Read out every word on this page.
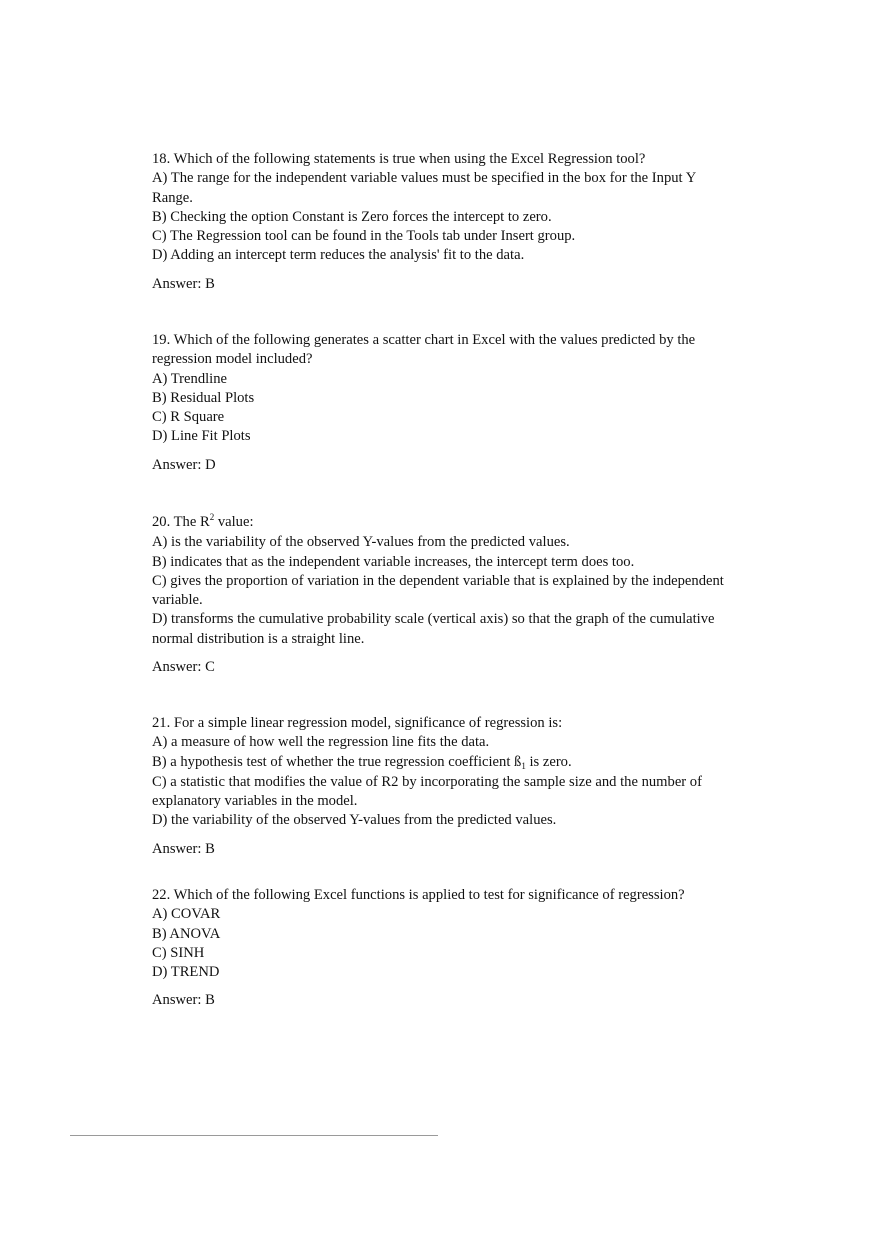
18. Which of the following statements is true when using the Excel Regression tool?
A) The range for the independent variable values must be specified in the box for the Input Y Range.
B) Checking the option Constant is Zero forces the intercept to zero.
C) The Regression tool can be found in the Tools tab under Insert group.
D) Adding an intercept term reduces the analysis' fit to the data.
Answer: B
19. Which of the following generates a scatter chart in Excel with the values predicted by the regression model included?
A) Trendline
B) Residual Plots
C) R Square
D) Line Fit Plots
Answer: D
20. The $R^2$ value:
A) is the variability of the observed Y-values from the predicted values.
B) indicates that as the independent variable increases, the intercept term does too.
C) gives the proportion of variation in the dependent variable that is explained by the independent variable.
D) transforms the cumulative probability scale (vertical axis) so that the graph of the cumulative normal distribution is a straight line.
Answer: C
21. For a simple linear regression model, significance of regression is:
A) a measure of how well the regression line fits the data.
B) a hypothesis test of whether the true regression coefficient $ß_1$ is zero.
C) a statistic that modifies the value of R2 by incorporating the sample size and the number of explanatory variables in the model.
D) the variability of the observed Y-values from the predicted values.
Answer: B
22. Which of the following Excel functions is applied to test for significance of regression?
A) COVAR
B) ANOVA
C) SINH
D) TREND
Answer: B
